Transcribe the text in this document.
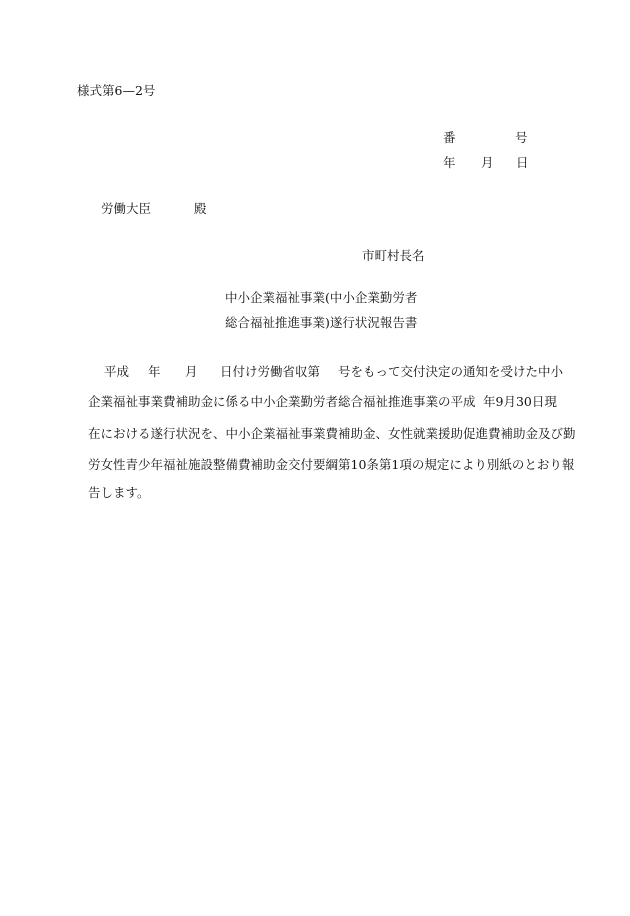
様式第6—2号
番	号
年 月 日
労働大臣	殿
市町村長名
中小企業福祉事業(中小企業勤労者
総合福祉推進事業)遂行状況報告書
平成 年 月 日付け労働省収第 号をもって交付決定の通知を受けた中小
企業福祉事業費補助金に係る中小企業勤労者総合福祉推進事業の平成 年9月30日現
在における遂行状況を、中小企業福祉事業費補助金、女性就業援助促進費補助金及び勤
労女性青少年福祉施設整備費補助金交付要綱第10条第1項の規定により別紙のとおり報
告します。
